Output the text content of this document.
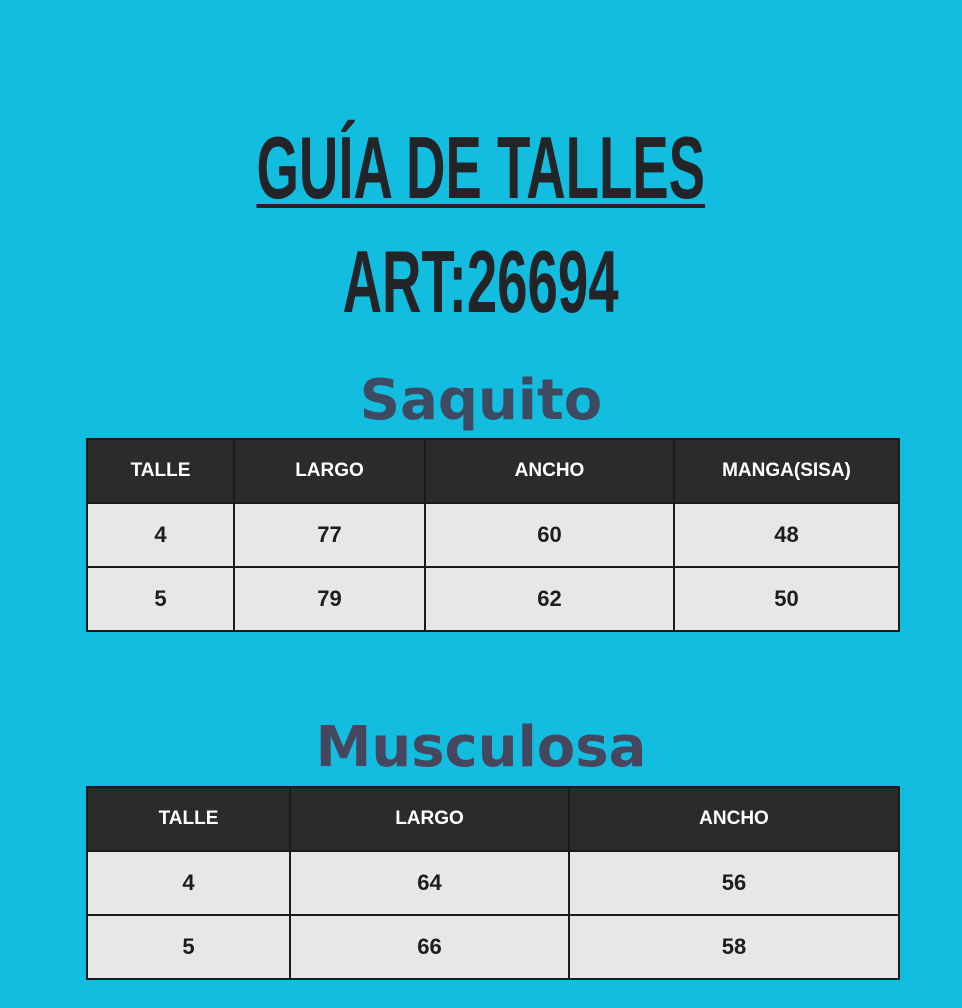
GUÍA DE TALLES
ART:26694
Saquito
TALLE	LARGO	ANCHO	MANGA(SISA)
4	77	60	48
5	79	62	50
Musculosa
TALLE	LARGO	ANCHO
4	64	56
5	66	58
